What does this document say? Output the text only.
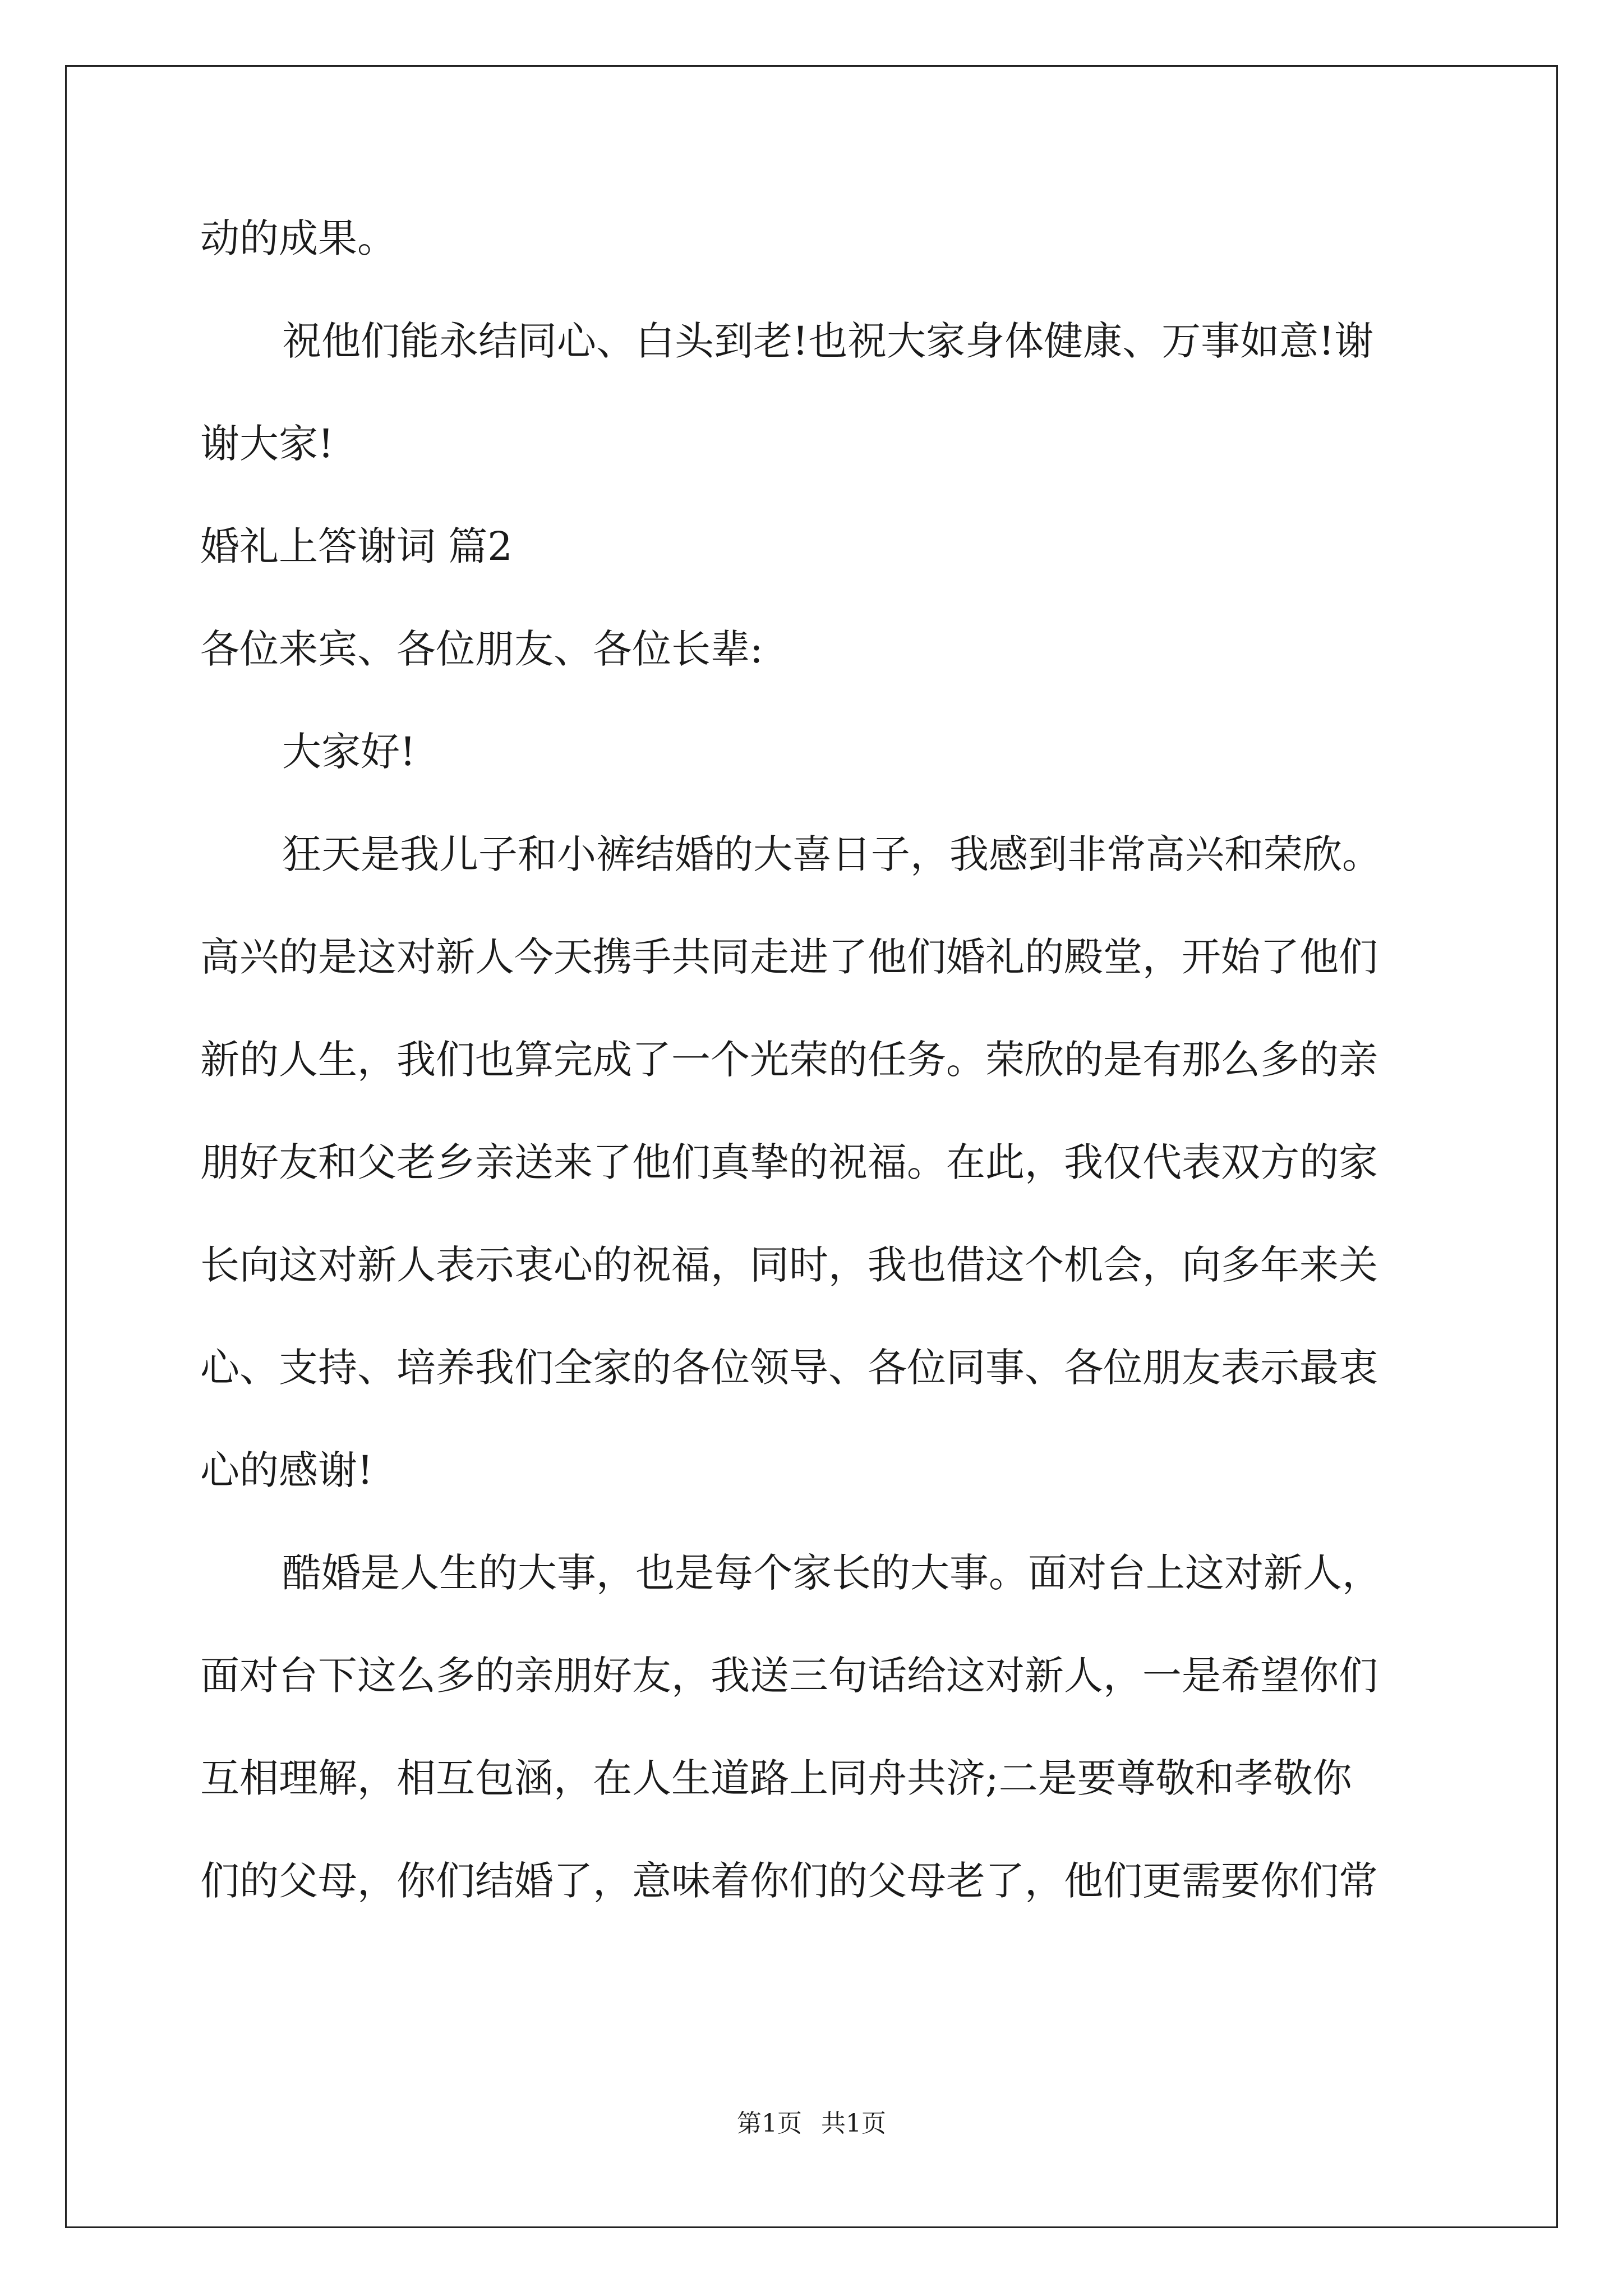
动的成果。
祝他们能永结同心、白头到老!也祝大家身体健康、万事如意!谢
谢大家!
婚礼上答谢词 篇2
各位来宾、各位朋友、各位长辈:
大家好!
狂天是我儿子和小裤结婚的大喜日子，我感到非常高兴和荣欣。
高兴的是这对新人今天携手共同走进了他们婚礼的殿堂，开始了他们
新的人生，我们也算完成了一个光荣的任务。荣欣的是有那么多的亲
朋好友和父老乡亲送来了他们真挚的祝福。在此，我仅代表双方的家
长向这对新人表示衷心的祝福，同时，我也借这个机会，向多年来关
心、支持、培养我们全家的各位领导、各位同事、各位朋友表示最衷
心的感谢!
酷婚是人生的大事，也是每个家长的大事。面对台上这对新人，
面对台下这么多的亲朋好友，我送三句话给这对新人，一是希望你们
互相理解，相互包涵，在人生道路上同舟共济;二是要尊敬和孝敬你
们的父母，你们结婚了，意味着你们的父母老了，他们更需要你们常
第1页 共1页
